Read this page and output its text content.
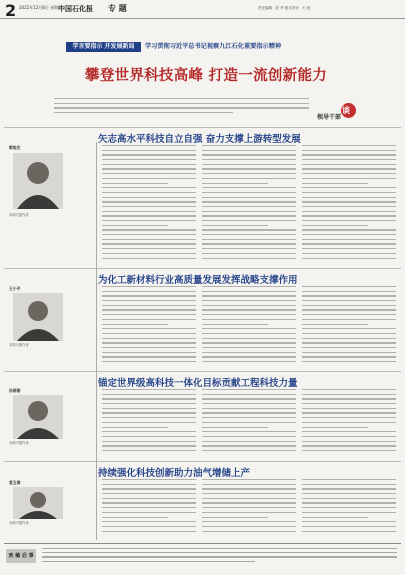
2 2022年12月8日 星期四
中国石化报 专 题	责任编辑：赵 华 版式设计：石 欣
学言要指示 开发展新局	学习贯彻习近平总书记视察九江石化重要指示精神
攀登世界科技高峰 打造一流创新能力
领导干部
谈
矢志高水平科技自立自强 奋力支撑上游转型发展
为化工新材料行业高质量发展发挥战略支撑作用
锚定世界级高科技一体化目标贡献工程科技力量
持续强化科技创新助力油气增储上产
郭旭光
本期专题作者
王小平
本期专题作者
孙丽丽
本期专题作者
袁玉春
本期专题作者
欢 稿 启 事
